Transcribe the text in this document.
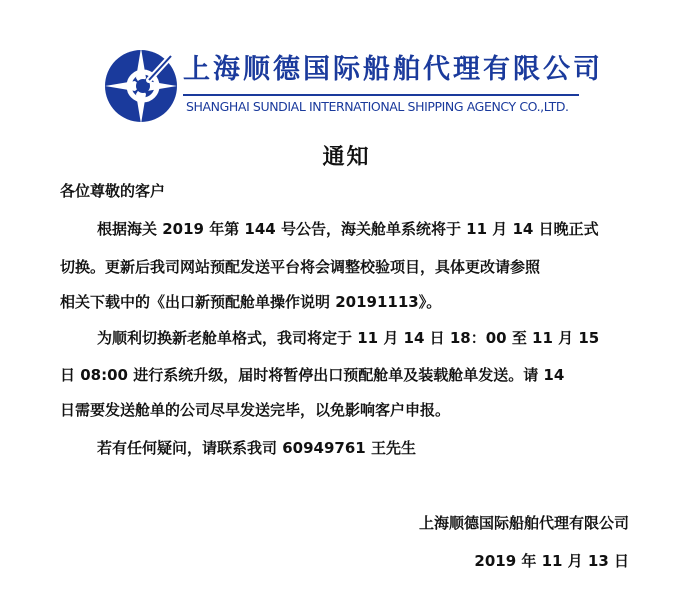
上海顺德国际船舶代理有限公司
SHANGHAI SUNDIAL INTERNATIONAL SHIPPING AGENCY CO.,LTD.
通知
各位尊敬的客户
根据海关 2019 年第 144 号公告，海关舱单系统将于 11 月 14 日晚正式
切换。更新后我司网站预配发送平台将会调整校验项目，具体更改请参照
相关下载中的《出口新预配舱单操作说明 20191113》。
为顺利切换新老舱单格式，我司将定于 11 月 14 日 18：00 至 11 月 15
日 08:00 进行系统升级，届时将暂停出口预配舱单及装载舱单发送。请 14
日需要发送舱单的公司尽早发送完毕，以免影响客户申报。
若有任何疑问，请联系我司 60949761 王先生
上海顺德国际船舶代理有限公司
2019 年 11 月 13 日
